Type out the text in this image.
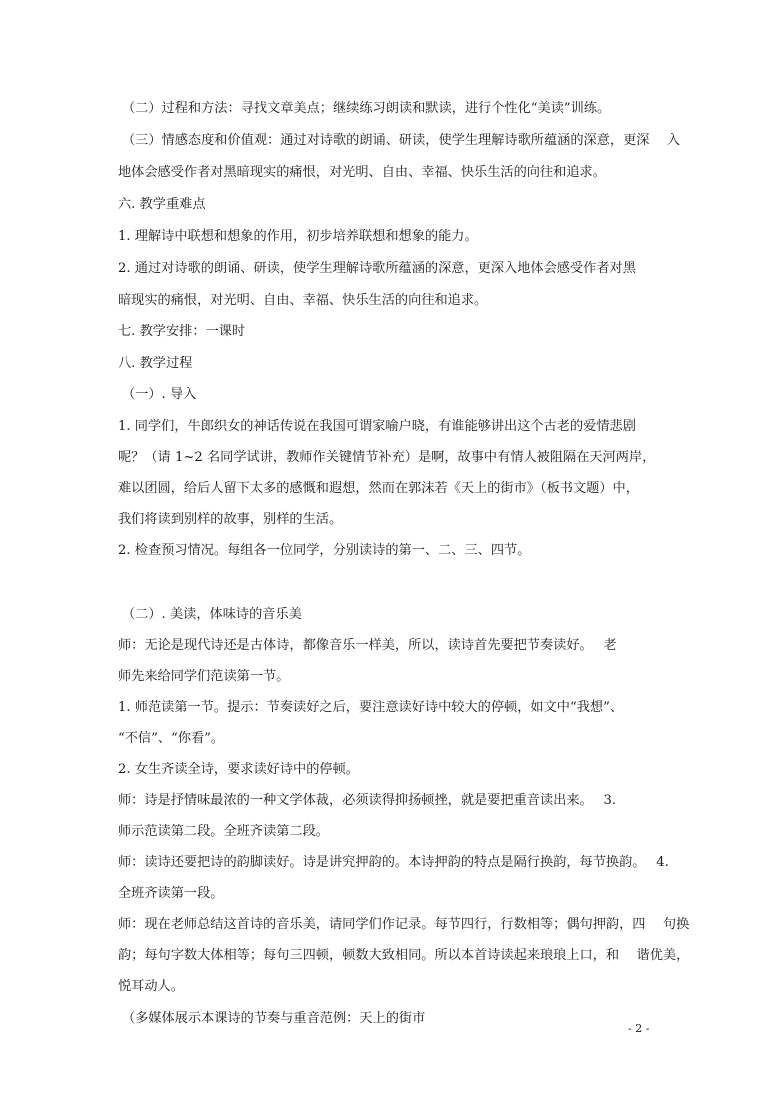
（二）过程和方法：寻找文章美点；继续练习朗读和默读，进行个性化“美读”训练。
（三）情感态度和价值观：通过对诗歌的朗诵、研读，使学生理解诗歌所蕴涵的深意，更深　 入
地体会感受作者对黑暗现实的痛恨，对光明、自由、幸福、快乐生活的向往和追求。
六. 教学重难点
1. 理解诗中联想和想象的作用，初步培养联想和想象的能力。
2. 通过对诗歌的朗诵、研读，使学生理解诗歌所蕴涵的深意，更深入地体会感受作者对黑
暗现实的痛恨，对光明、自由、幸福、快乐生活的向往和追求。
七. 教学安排：一课时
八. 教学过程
（一）. 导入
1. 同学们，牛郎织女的神话传说在我国可谓家喻户晓，有谁能够讲出这个古老的爱情悲剧
呢？（请 1~2 名同学试讲，教师作关键情节补充）是啊，故事中有情人被阻隔在天河两岸，
难以团圆，给后人留下太多的感慨和遐想，然而在郭沫若《天上的街市》（板书文题）中，
我们将读到别样的故事，别样的生活。
2. 检查预习情况。每组各一位同学，分别读诗的第一、二、三、四节。
（二）. 美读，体味诗的音乐美
师：无论是现代诗还是古体诗，都像音乐一样美，所以，读诗首先要把节奏读好。　 老
师先来给同学们范读第一节。
1. 师范读第一节。提示：节奏读好之后，要注意读好诗中较大的停顿，如文中“我想”、
“不信”、“你看”。
2. 女生齐读全诗，要求读好诗中的停顿。
师：诗是抒情味最浓的一种文学体裁，必须读得抑扬顿挫，就是要把重音读出来。　 3.
师示范读第二段。全班齐读第二段。
师：读诗还要把诗的韵脚读好。诗是讲究押韵的。本诗押韵的特点是隔行换韵，每节换韵。　 4.
全班齐读第一段。
师：现在老师总结这首诗的音乐美，请同学们作记录。每节四行，行数相等；偶句押韵，四　 句换
韵；每句字数大体相等；每句三四顿，顿数大致相同。所以本首诗读起来琅琅上口，和　 谐优美，
悦耳动人。
（多媒体展示本课诗的节奏与重音范例：天上的街市
- 2 -
